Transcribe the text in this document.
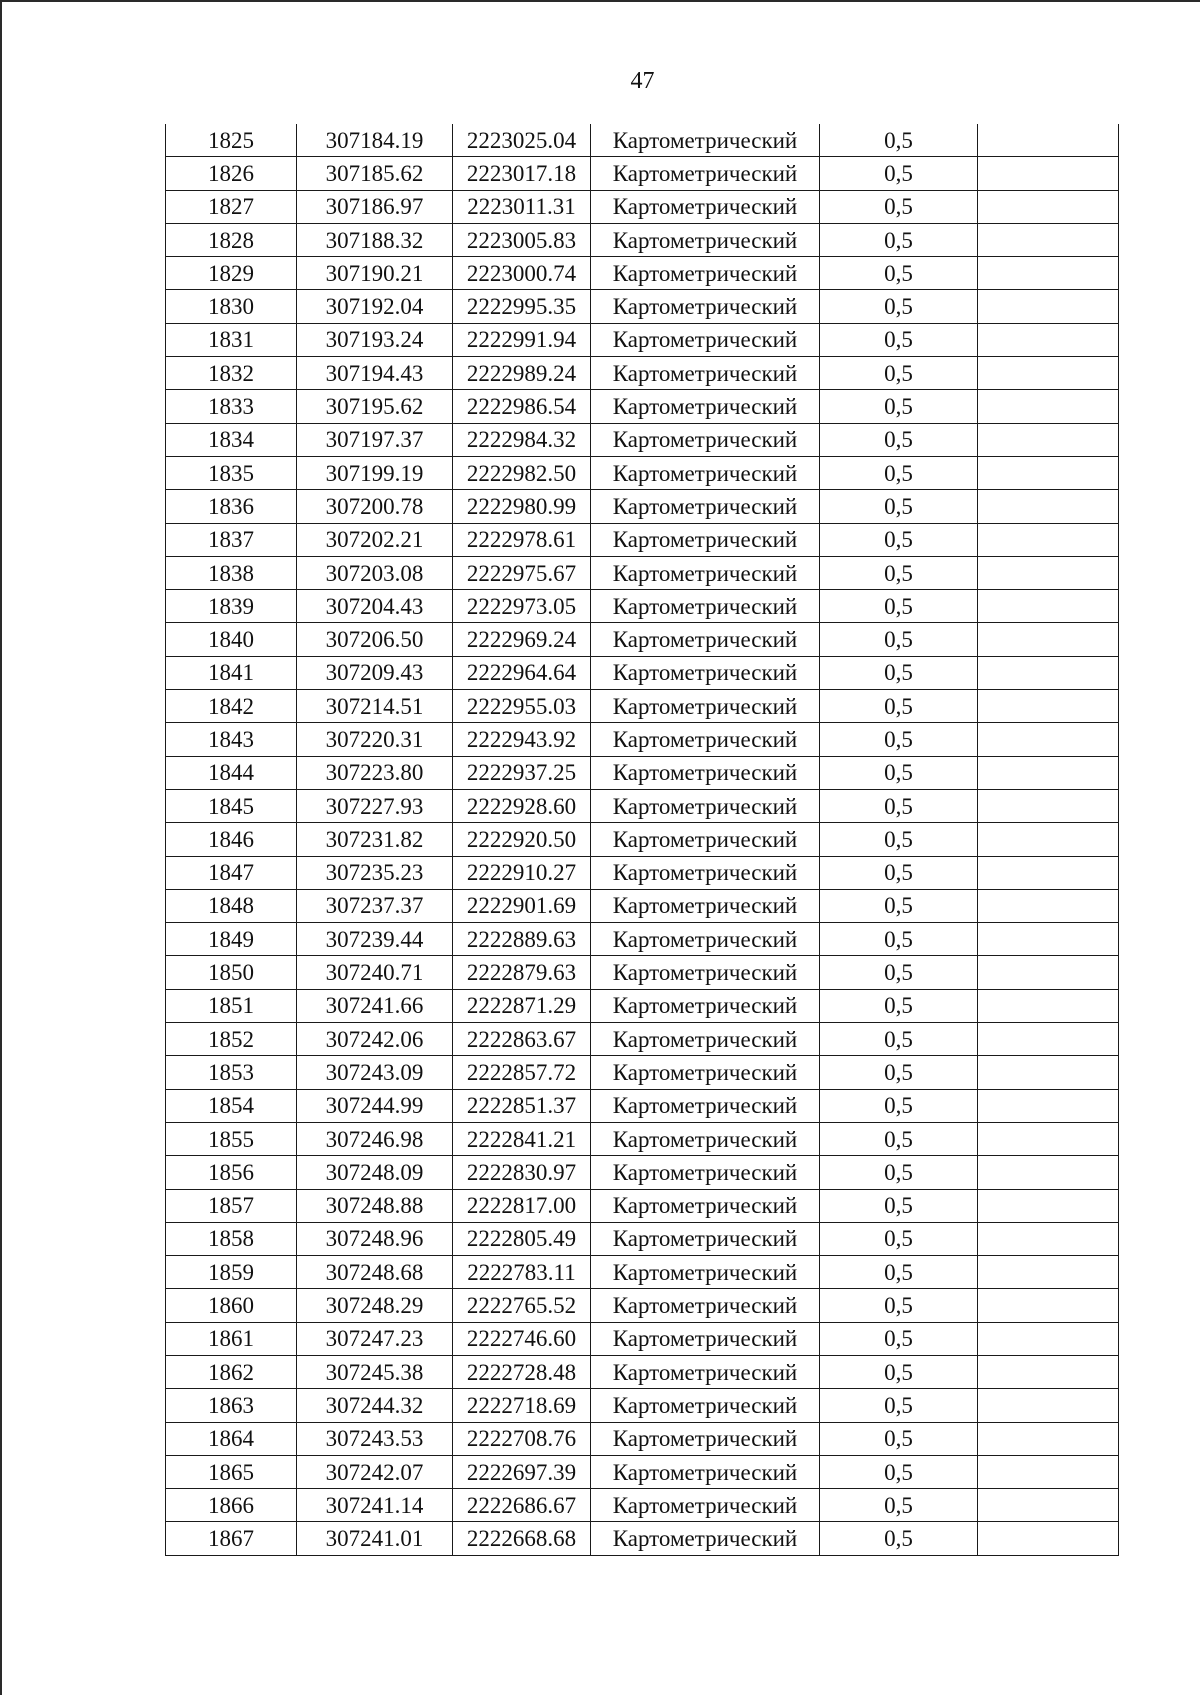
47
1825	307184.19	2223025.04	Картометрический	0,5	
1826	307185.62	2223017.18	Картометрический	0,5	
1827	307186.97	2223011.31	Картометрический	0,5	
1828	307188.32	2223005.83	Картометрический	0,5	
1829	307190.21	2223000.74	Картометрический	0,5	
1830	307192.04	2222995.35	Картометрический	0,5	
1831	307193.24	2222991.94	Картометрический	0,5	
1832	307194.43	2222989.24	Картометрический	0,5	
1833	307195.62	2222986.54	Картометрический	0,5	
1834	307197.37	2222984.32	Картометрический	0,5	
1835	307199.19	2222982.50	Картометрический	0,5	
1836	307200.78	2222980.99	Картометрический	0,5	
1837	307202.21	2222978.61	Картометрический	0,5	
1838	307203.08	2222975.67	Картометрический	0,5	
1839	307204.43	2222973.05	Картометрический	0,5	
1840	307206.50	2222969.24	Картометрический	0,5	
1841	307209.43	2222964.64	Картометрический	0,5	
1842	307214.51	2222955.03	Картометрический	0,5	
1843	307220.31	2222943.92	Картометрический	0,5	
1844	307223.80	2222937.25	Картометрический	0,5	
1845	307227.93	2222928.60	Картометрический	0,5	
1846	307231.82	2222920.50	Картометрический	0,5	
1847	307235.23	2222910.27	Картометрический	0,5	
1848	307237.37	2222901.69	Картометрический	0,5	
1849	307239.44	2222889.63	Картометрический	0,5	
1850	307240.71	2222879.63	Картометрический	0,5	
1851	307241.66	2222871.29	Картометрический	0,5	
1852	307242.06	2222863.67	Картометрический	0,5	
1853	307243.09	2222857.72	Картометрический	0,5	
1854	307244.99	2222851.37	Картометрический	0,5	
1855	307246.98	2222841.21	Картометрический	0,5	
1856	307248.09	2222830.97	Картометрический	0,5	
1857	307248.88	2222817.00	Картометрический	0,5	
1858	307248.96	2222805.49	Картометрический	0,5	
1859	307248.68	2222783.11	Картометрический	0,5	
1860	307248.29	2222765.52	Картометрический	0,5	
1861	307247.23	2222746.60	Картометрический	0,5	
1862	307245.38	2222728.48	Картометрический	0,5	
1863	307244.32	2222718.69	Картометрический	0,5	
1864	307243.53	2222708.76	Картометрический	0,5	
1865	307242.07	2222697.39	Картометрический	0,5	
1866	307241.14	2222686.67	Картометрический	0,5	
1867	307241.01	2222668.68	Картометрический	0,5	
